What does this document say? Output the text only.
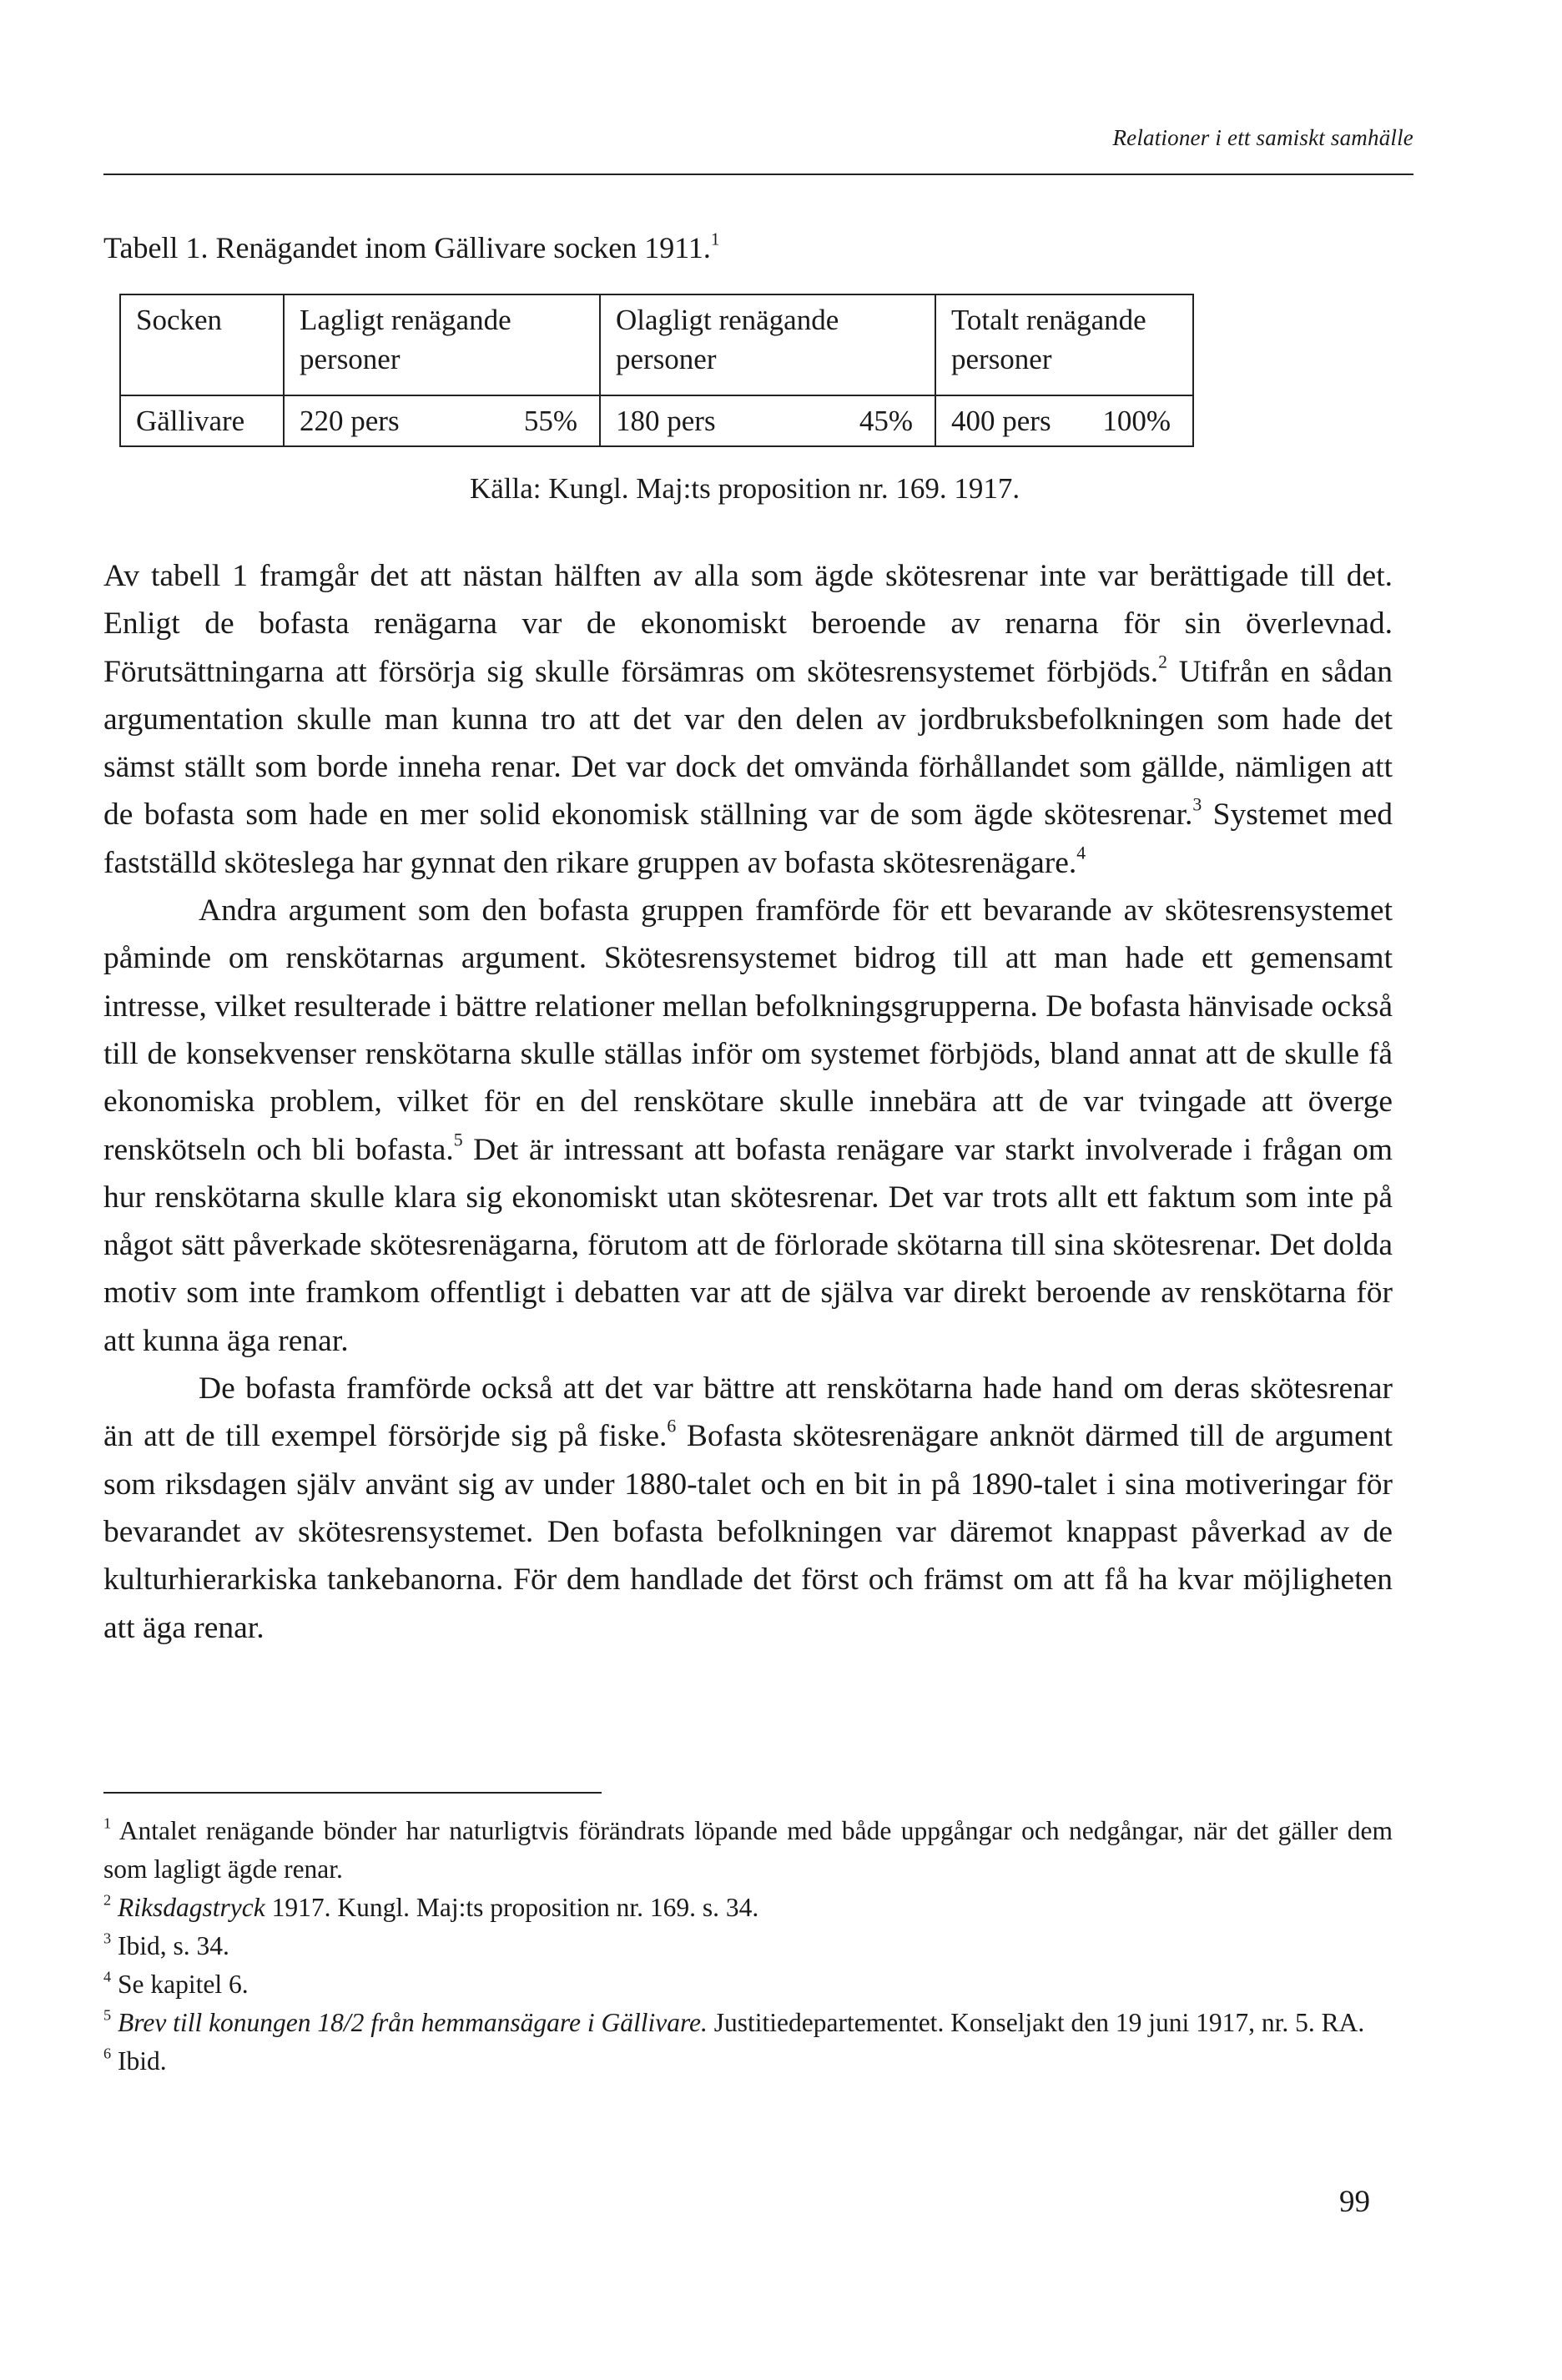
Relationer i ett samiskt samhälle
Tabell 1. Renägandet inom Gällivare socken 1911.$^1$
Socken	Lagligt renägande personer	Olagligt renägande personer	Totalt renägande personer
Gällivare	220 pers 55%	180 pers 45%	400 pers 100%
Källa: Kungl. Maj:ts proposition nr. 169. 1917.

Av tabell 1 framgår det att nästan hälften av alla som ägde skötesrenar inte var berättigade till det. Enligt de bofasta renägarna var de ekonomiskt beroende av renarna för sin överlevnad. Förutsättningarna att försörja sig skulle försämras om skötesrensystemet förbjöds.$^2$ Utifrån en sådan argumentation skulle man kunna tro att det var den delen av jordbruksbefolkningen som hade det sämst ställt som borde inneha renar. Det var dock det omvända förhållandet som gällde, nämligen att de bofasta som hade en mer solid ekonomisk ställning var de som ägde skötesrenar.$^3$ Systemet med fastställd sköteslega har gynnat den rikare gruppen av bofasta skötesrenägare.$^4$

Andra argument som den bofasta gruppen framförde för ett bevarande av skötesrensystemet påminde om renskötarnas argument. Skötesrensystemet bidrog till att man hade ett gemensamt intresse, vilket resulterade i bättre relationer mellan befolkningsgrupperna. De bofasta hänvisade också till de konsekvenser renskötarna skulle ställas inför om systemet förbjöds, bland annat att de skulle få ekonomiska problem, vilket för en del renskötare skulle innebära att de var tvingade att överge renskötseln och bli bofasta.$^5$ Det är intressant att bofasta renägare var starkt involverade i frågan om hur renskötarna skulle klara sig ekonomiskt utan skötesrenar. Det var trots allt ett faktum som inte på något sätt påverkade skötesrenägarna, förutom att de förlorade skötarna till sina skötesrenar. Det dolda motiv som inte framkom offentligt i debatten var att de själva var direkt beroende av renskötarna för att kunna äga renar.

De bofasta framförde också att det var bättre att renskötarna hade hand om deras skötesrenar än att de till exempel försörjde sig på fiske.$^6$ Bofasta skötesrenägare anknöt därmed till de argument som riksdagen själv använt sig av under 1880-talet och en bit in på 1890-talet i sina motiveringar för bevarandet av skötesrensystemet. Den bofasta befolkningen var däremot knappast påverkad av de kulturhierarkiska tankebanorna. För dem handlade det först och främst om att få ha kvar möjligheten att äga renar.

$^1$ Antalet renägande bönder har naturligtvis förändrats löpande med både uppgångar och nedgångar, när det gäller dem som lagligt ägde renar.

$^2$ Riksdagstryck 1917. Kungl. Maj:ts proposition nr. 169. s. 34.

$^3$ Ibid, s. 34.

$^4$ Se kapitel 6.

$^5$ Brev till konungen 18/2 från hemmansägare i Gällivare. Justitiedepartementet. Konseljakt den 19 juni 1917, nr. 5. RA.

$^6$ Ibid.

99
